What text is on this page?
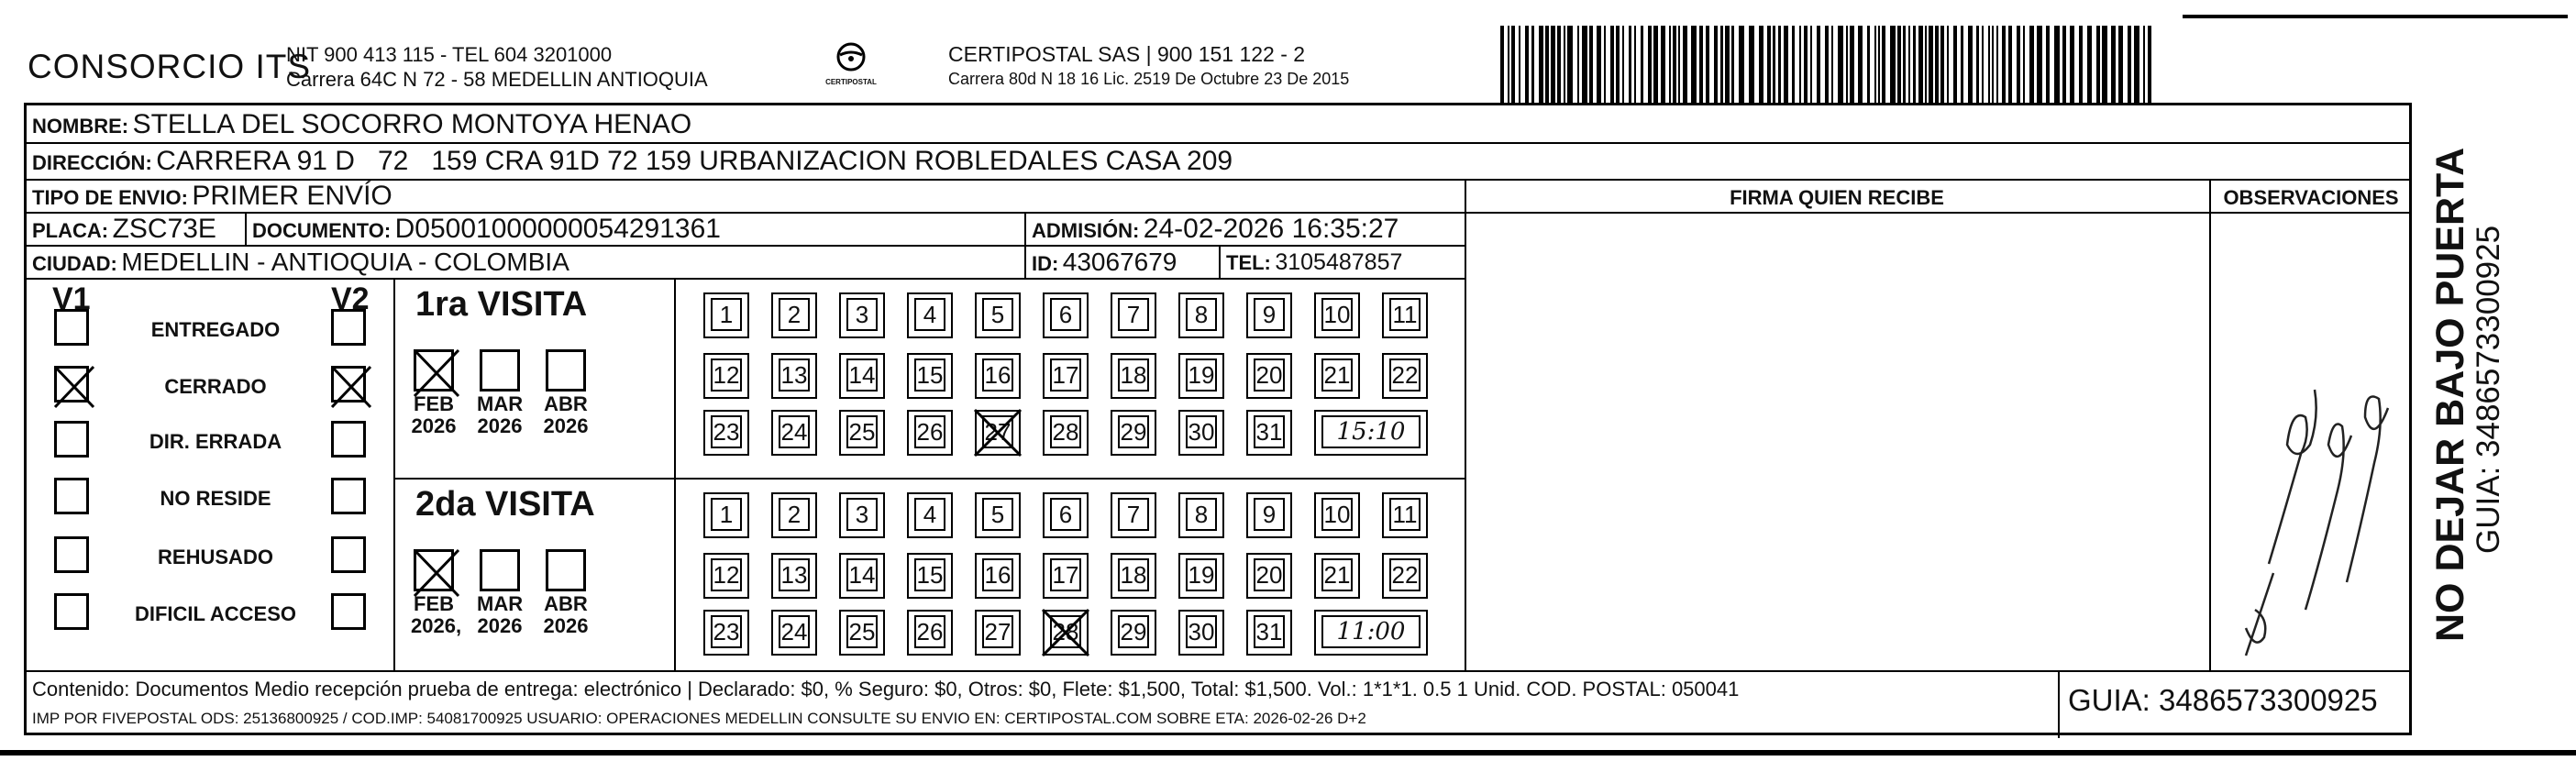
CONSORCIO ITS
NIT 900 413 115 - TEL 604 3201000
Carrera 64C N 72 - 58 MEDELLIN ANTIOQUIA	CERTIPOSTAL
CERTIPOSTAL SAS | 900 151 122 - 2
Carrera 80d N 18 16 Lic. 2519 De Octubre 23 De 2015
NOMBRE: STELLA DEL SOCORRO MONTOYA HENAO
DIRECCIÓN: CARRERA 91 D   72   159 CRA 91D 72 159 URBANIZACION ROBLEDALES CASA 209
TIPO DE ENVIO: PRIMER ENVÍO	FIRMA QUIEN RECIBE	OBSERVACIONES
PLACA: ZSC73E DOCUMENTO: D05001000000054291361	ADMISIÓN: 24-02-2026 16:35:27
CIUDAD: MEDELLIN - ANTIOQUIA - COLOMBIA	ID: 43067679 TEL: 3105487857
V1	V2
ENTREGADO
CERRADO
DIR. ERRADA
NO RESIDE
REHUSADO
DIFICIL ACCESO
1ra VISITA
FEB
2026
MAR
2026
ABR
2026
1	2	3	4	5	6	7	8	9	10 11
12 13 14 15 16 17 18 19 20 21 22
23 24 25 26 27 28 29 30 31	15:10
2da VISITA
FEB
2026,
MAR
2026
ABR
2026
1	2	3	4	5	6	7	8	9	10 11
12 13 14 15 16 17 18 19 20 21 22
23 24 25 26 27 28 29 30 31	11:00
Contenido: Documentos Medio recepción prueba de entrega: electrónico | Declarado: $0, % Seguro: $0, Otros: $0, Flete: $1,500, Total: $1,500. Vol.: 1*1*1. 0.5 1 Unid. COD. POSTAL: 050041
IMP POR FIVEPOSTAL ODS: 25136800925 / COD.IMP: 54081700925 USUARIO: OPERACIONES MEDELLIN CONSULTE SU ENVIO EN: CERTIPOSTAL.COM SOBRE ETA: 2026-02-26 D+2
GUIA: 3486573300925
NO DEJAR BAJO PUERTA
GUIA: 3486573300925
